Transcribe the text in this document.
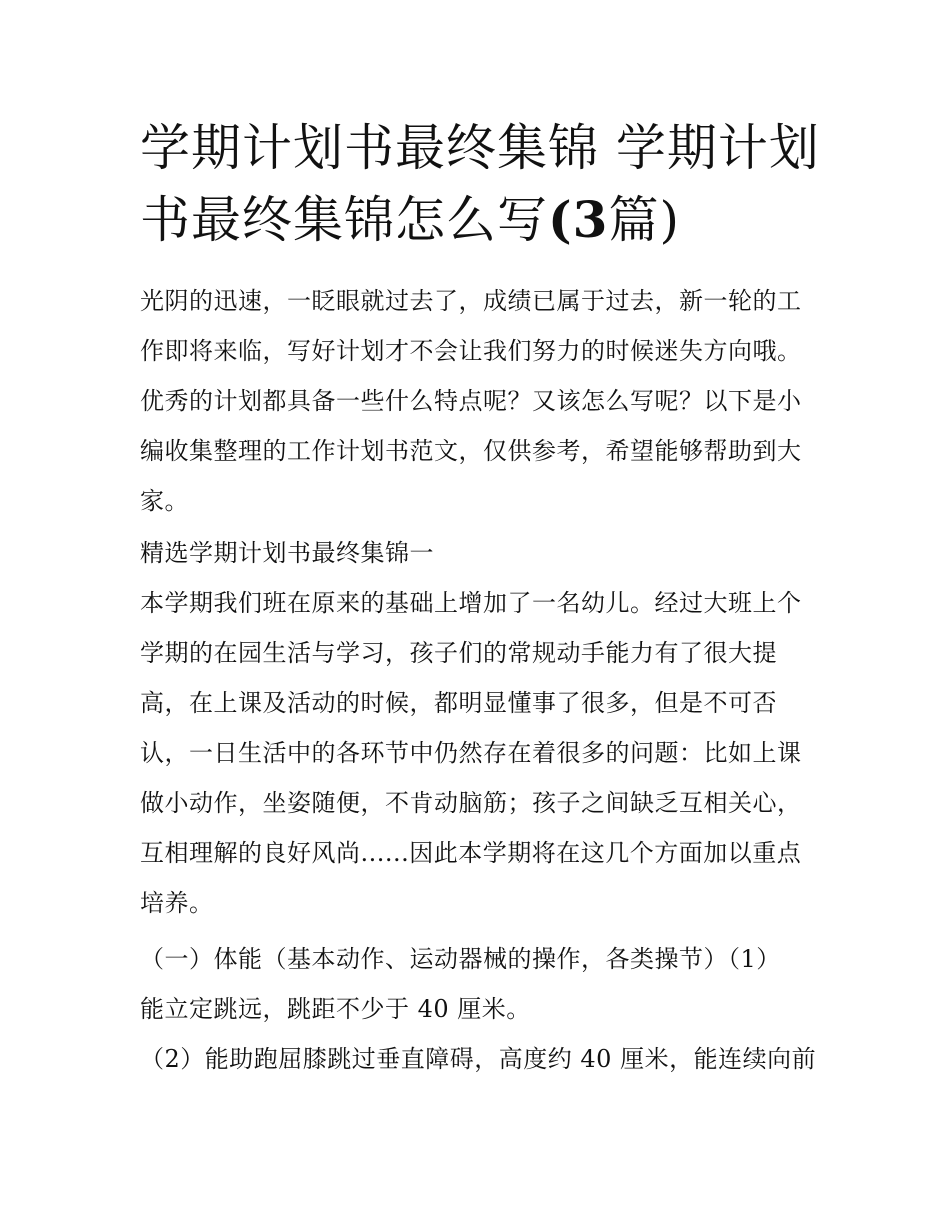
学期计划书最终集锦 学期计划
书最终集锦怎么写(3篇)

光阴的迅速，一眨眼就过去了，成绩已属于过去，新一轮的工
作即将来临，写好计划才不会让我们努力的时候迷失方向哦。
优秀的计划都具备一些什么特点呢？又该怎么写呢？以下是小
编收集整理的工作计划书范文，仅供参考，希望能够帮助到大
家。

精选学期计划书最终集锦一

本学期我们班在原来的基础上增加了一名幼儿。经过大班上个
学期的在园生活与学习，孩子们的常规动手能力有了很大提
高，在上课及活动的时候，都明显懂事了很多，但是不可否
认，一日生活中的各环节中仍然存在着很多的问题：比如上课
做小动作，坐姿随便，不肯动脑筋；孩子之间缺乏互相关心，
互相理解的良好风尚......因此本学期将在这几个方面加以重点
培养。

（一）体能（基本动作、运动器械的操作，各类操节）（1）
能立定跳远，跳距不少于 40 厘米。

（2）能助跑屈膝跳过垂直障碍，高度约 40 厘米，能连续向前
